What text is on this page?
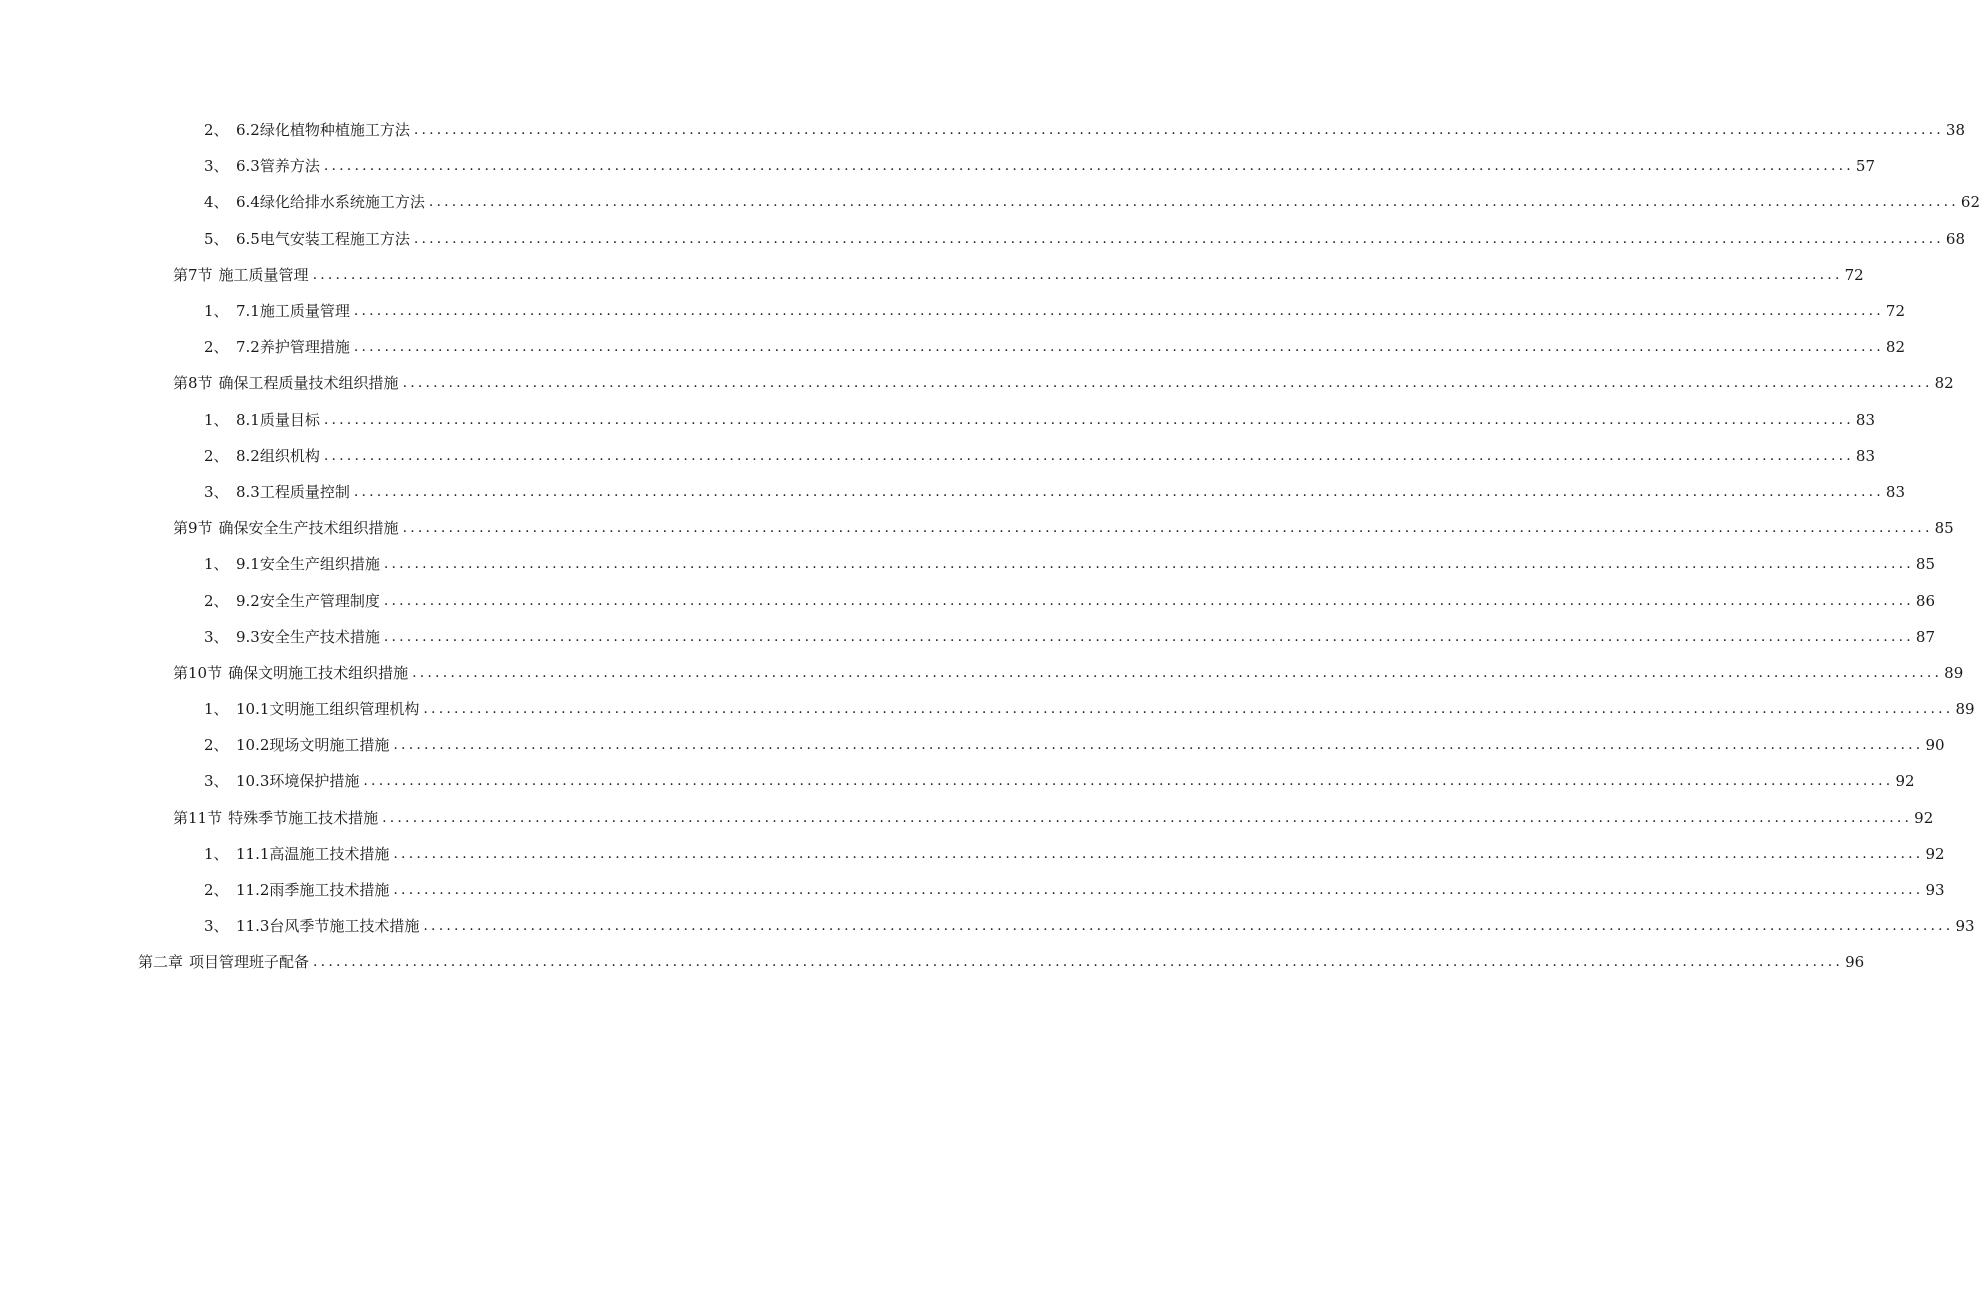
2、 6.2绿化植物种植施工方法 ........................................................................................................................................................................................................ 38
3、 6.3管养方法 ........................................................................................................................................................................................................ 57
4、 6.4绿化给排水系统施工方法 ........................................................................................................................................................................................................ 62
5、 6.5电气安装工程施工方法 ........................................................................................................................................................................................................ 68
第7节 施工质量管理 ........................................................................................................................................................................................................ 72
1、 7.1施工质量管理 ........................................................................................................................................................................................................ 72
2、 7.2养护管理措施 ........................................................................................................................................................................................................ 82
第8节 确保工程质量技术组织措施 ........................................................................................................................................................................................................ 82
1、 8.1质量目标 ........................................................................................................................................................................................................ 83
2、 8.2组织机构 ........................................................................................................................................................................................................ 83
3、 8.3工程质量控制 ........................................................................................................................................................................................................ 83
第9节 确保安全生产技术组织措施 ........................................................................................................................................................................................................ 85
1、 9.1安全生产组织措施 ........................................................................................................................................................................................................ 85
2、 9.2安全生产管理制度 ........................................................................................................................................................................................................ 86
3、 9.3安全生产技术措施 ........................................................................................................................................................................................................ 87
第10节 确保文明施工技术组织措施 ........................................................................................................................................................................................................ 89
1、 10.1文明施工组织管理机构 ........................................................................................................................................................................................................ 89
2、 10.2现场文明施工措施 ........................................................................................................................................................................................................ 90
3、 10.3环境保护措施 ........................................................................................................................................................................................................ 92
第11节 特殊季节施工技术措施 ........................................................................................................................................................................................................ 92
1、 11.1高温施工技术措施 ........................................................................................................................................................................................................ 92
2、 11.2雨季施工技术措施 ........................................................................................................................................................................................................ 93
3、 11.3台风季节施工技术措施 ........................................................................................................................................................................................................ 93
第二章 项目管理班子配备 ........................................................................................................................................................................................................ 96
